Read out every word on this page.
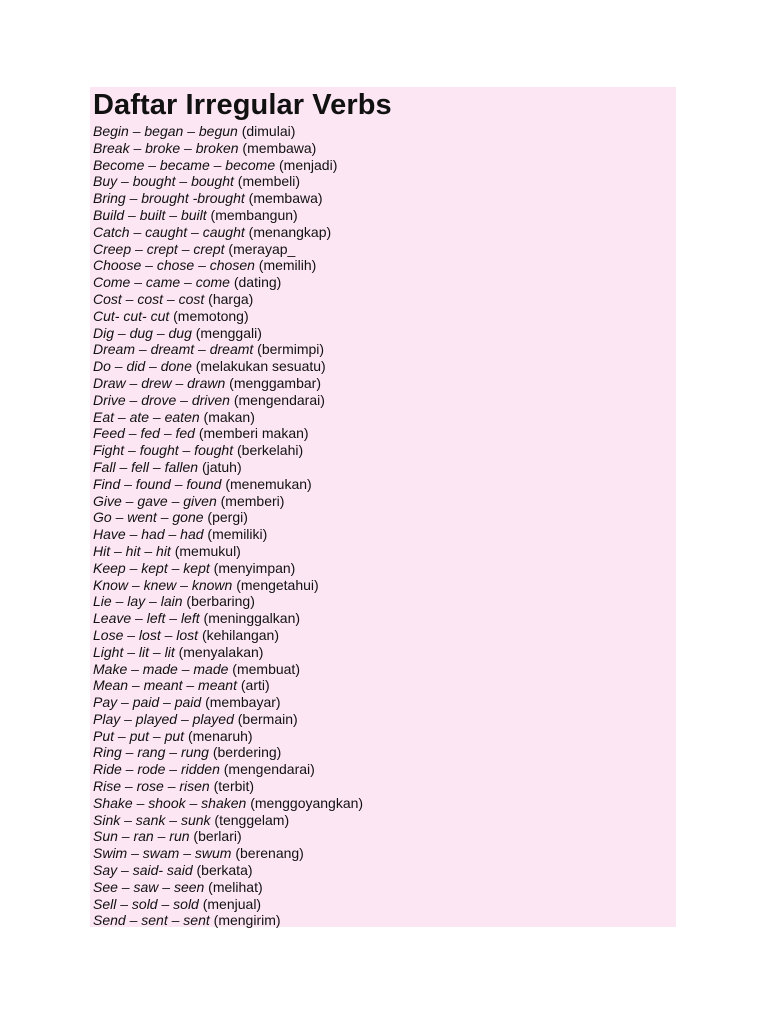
Daftar Irregular Verbs
Begin – began – begun (dimulai)
Break – broke – broken (membawa)
Become – became – become (menjadi)
Buy – bought – bought (membeli)
Bring – brought -brought (membawa)
Build – built – built (membangun)
Catch – caught – caught (menangkap)
Creep – crept – crept (merayap_
Choose – chose – chosen (memilih)
Come – came – come (dating)
Cost – cost – cost (harga)
Cut- cut- cut (memotong)
Dig – dug – dug (menggali)
Dream – dreamt – dreamt (bermimpi)
Do – did – done (melakukan sesuatu)
Draw – drew – drawn (menggambar)
Drive – drove – driven (mengendarai)
Eat – ate – eaten (makan)
Feed – fed – fed (memberi makan)
Fight – fought – fought (berkelahi)
Fall – fell – fallen (jatuh)
Find – found – found (menemukan)
Give – gave – given (memberi)
Go – went – gone (pergi)
Have – had – had (memiliki)
Hit – hit – hit (memukul)
Keep – kept – kept (menyimpan)
Know – knew – known (mengetahui)
Lie – lay – lain (berbaring)
Leave – left – left (meninggalkan)
Lose – lost – lost (kehilangan)
Light – lit – lit (menyalakan)
Make – made – made (membuat)
Mean – meant – meant (arti)
Pay – paid – paid (membayar)
Play – played – played (bermain)
Put – put – put (menaruh)
Ring – rang – rung (berdering)
Ride – rode – ridden (mengendarai)
Rise – rose – risen (terbit)
Shake – shook – shaken (menggoyangkan)
Sink – sank – sunk (tenggelam)
Sun – ran – run (berlari)
Swim – swam – swum (berenang)
Say – said- said (berkata)
See – saw – seen (melihat)
Sell – sold – sold (menjual)
Send – sent – sent (mengirim)
